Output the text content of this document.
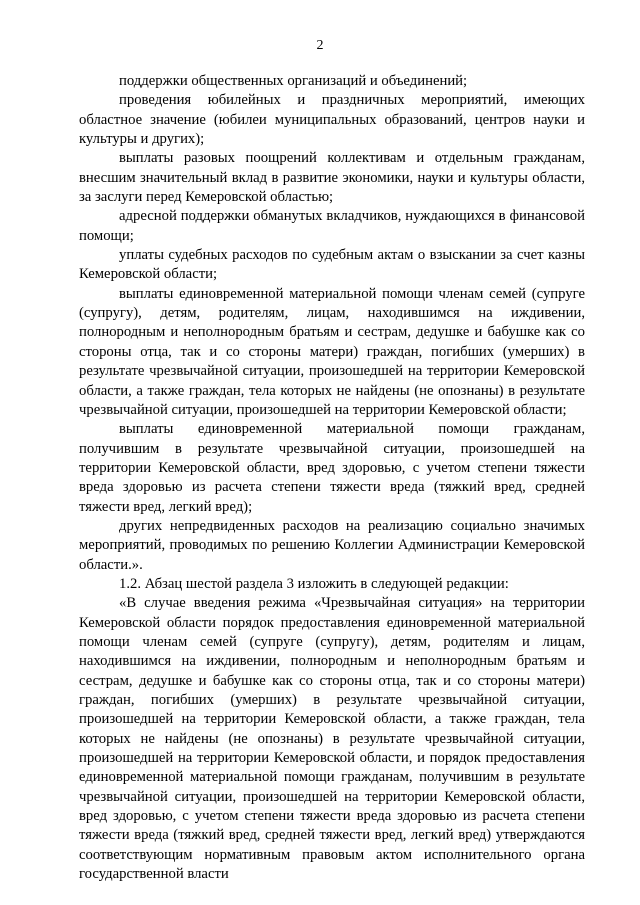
2

поддержки общественных организаций и объединений;

проведения юбилейных и праздничных мероприятий, имеющих областное значение (юбилеи муниципальных образований, центров науки и культуры и других);

выплаты разовых поощрений коллективам и отдельным гражданам, внесшим значительный вклад в развитие экономики, науки и культуры области, за заслуги перед Кемеровской областью;

адресной поддержки обманутых вкладчиков, нуждающихся в финансовой помощи;

уплаты судебных расходов по судебным актам о взыскании за счет казны Кемеровской области;

выплаты единовременной материальной помощи членам семей (супруге (супругу), детям, родителям, лицам, находившимся на иждивении, полнородным и неполнородным братьям и сестрам, дедушке и бабушке как со стороны отца, так и со стороны матери) граждан, погибших (умерших) в результате чрезвычайной ситуации, произошедшей на территории Кемеровской области, а также граждан, тела которых не найдены (не опознаны) в результате чрезвычайной ситуации, произошедшей на территории Кемеровской области;

выплаты единовременной материальной помощи гражданам, получившим в результате чрезвычайной ситуации, произошедшей на территории Кемеровской области, вред здоровью, с учетом степени тяжести вреда здоровью из расчета степени тяжести вреда (тяжкий вред, средней тяжести вред, легкий вред);

других непредвиденных расходов на реализацию социально значимых мероприятий, проводимых по решению Коллегии Администрации Кемеровской области.».

1.2. Абзац шестой раздела 3 изложить в следующей редакции:

«В случае введения режима «Чрезвычайная ситуация» на территории Кемеровской области порядок предоставления единовременной материальной помощи членам семей (супруге (супругу), детям, родителям и лицам, находившимся на иждивении, полнородным и неполнородным братьям и сестрам, дедушке и бабушке как со стороны отца, так и со стороны матери) граждан, погибших (умерших) в результате чрезвычайной ситуации, произошедшей на территории Кемеровской области, а также граждан, тела которых не найдены (не опознаны) в результате чрезвычайной ситуации, произошедшей на территории Кемеровской области, и порядок предоставления единовременной материальной помощи гражданам, получившим в результате чрезвычайной ситуации, произошедшей на территории Кемеровской области, вред здоровью, с учетом степени тяжести вреда здоровью из расчета степени тяжести вреда (тяжкий вред, средней тяжести вред, легкий вред) утверждаются соответствующим нормативным правовым актом исполнительного органа государственной власти
